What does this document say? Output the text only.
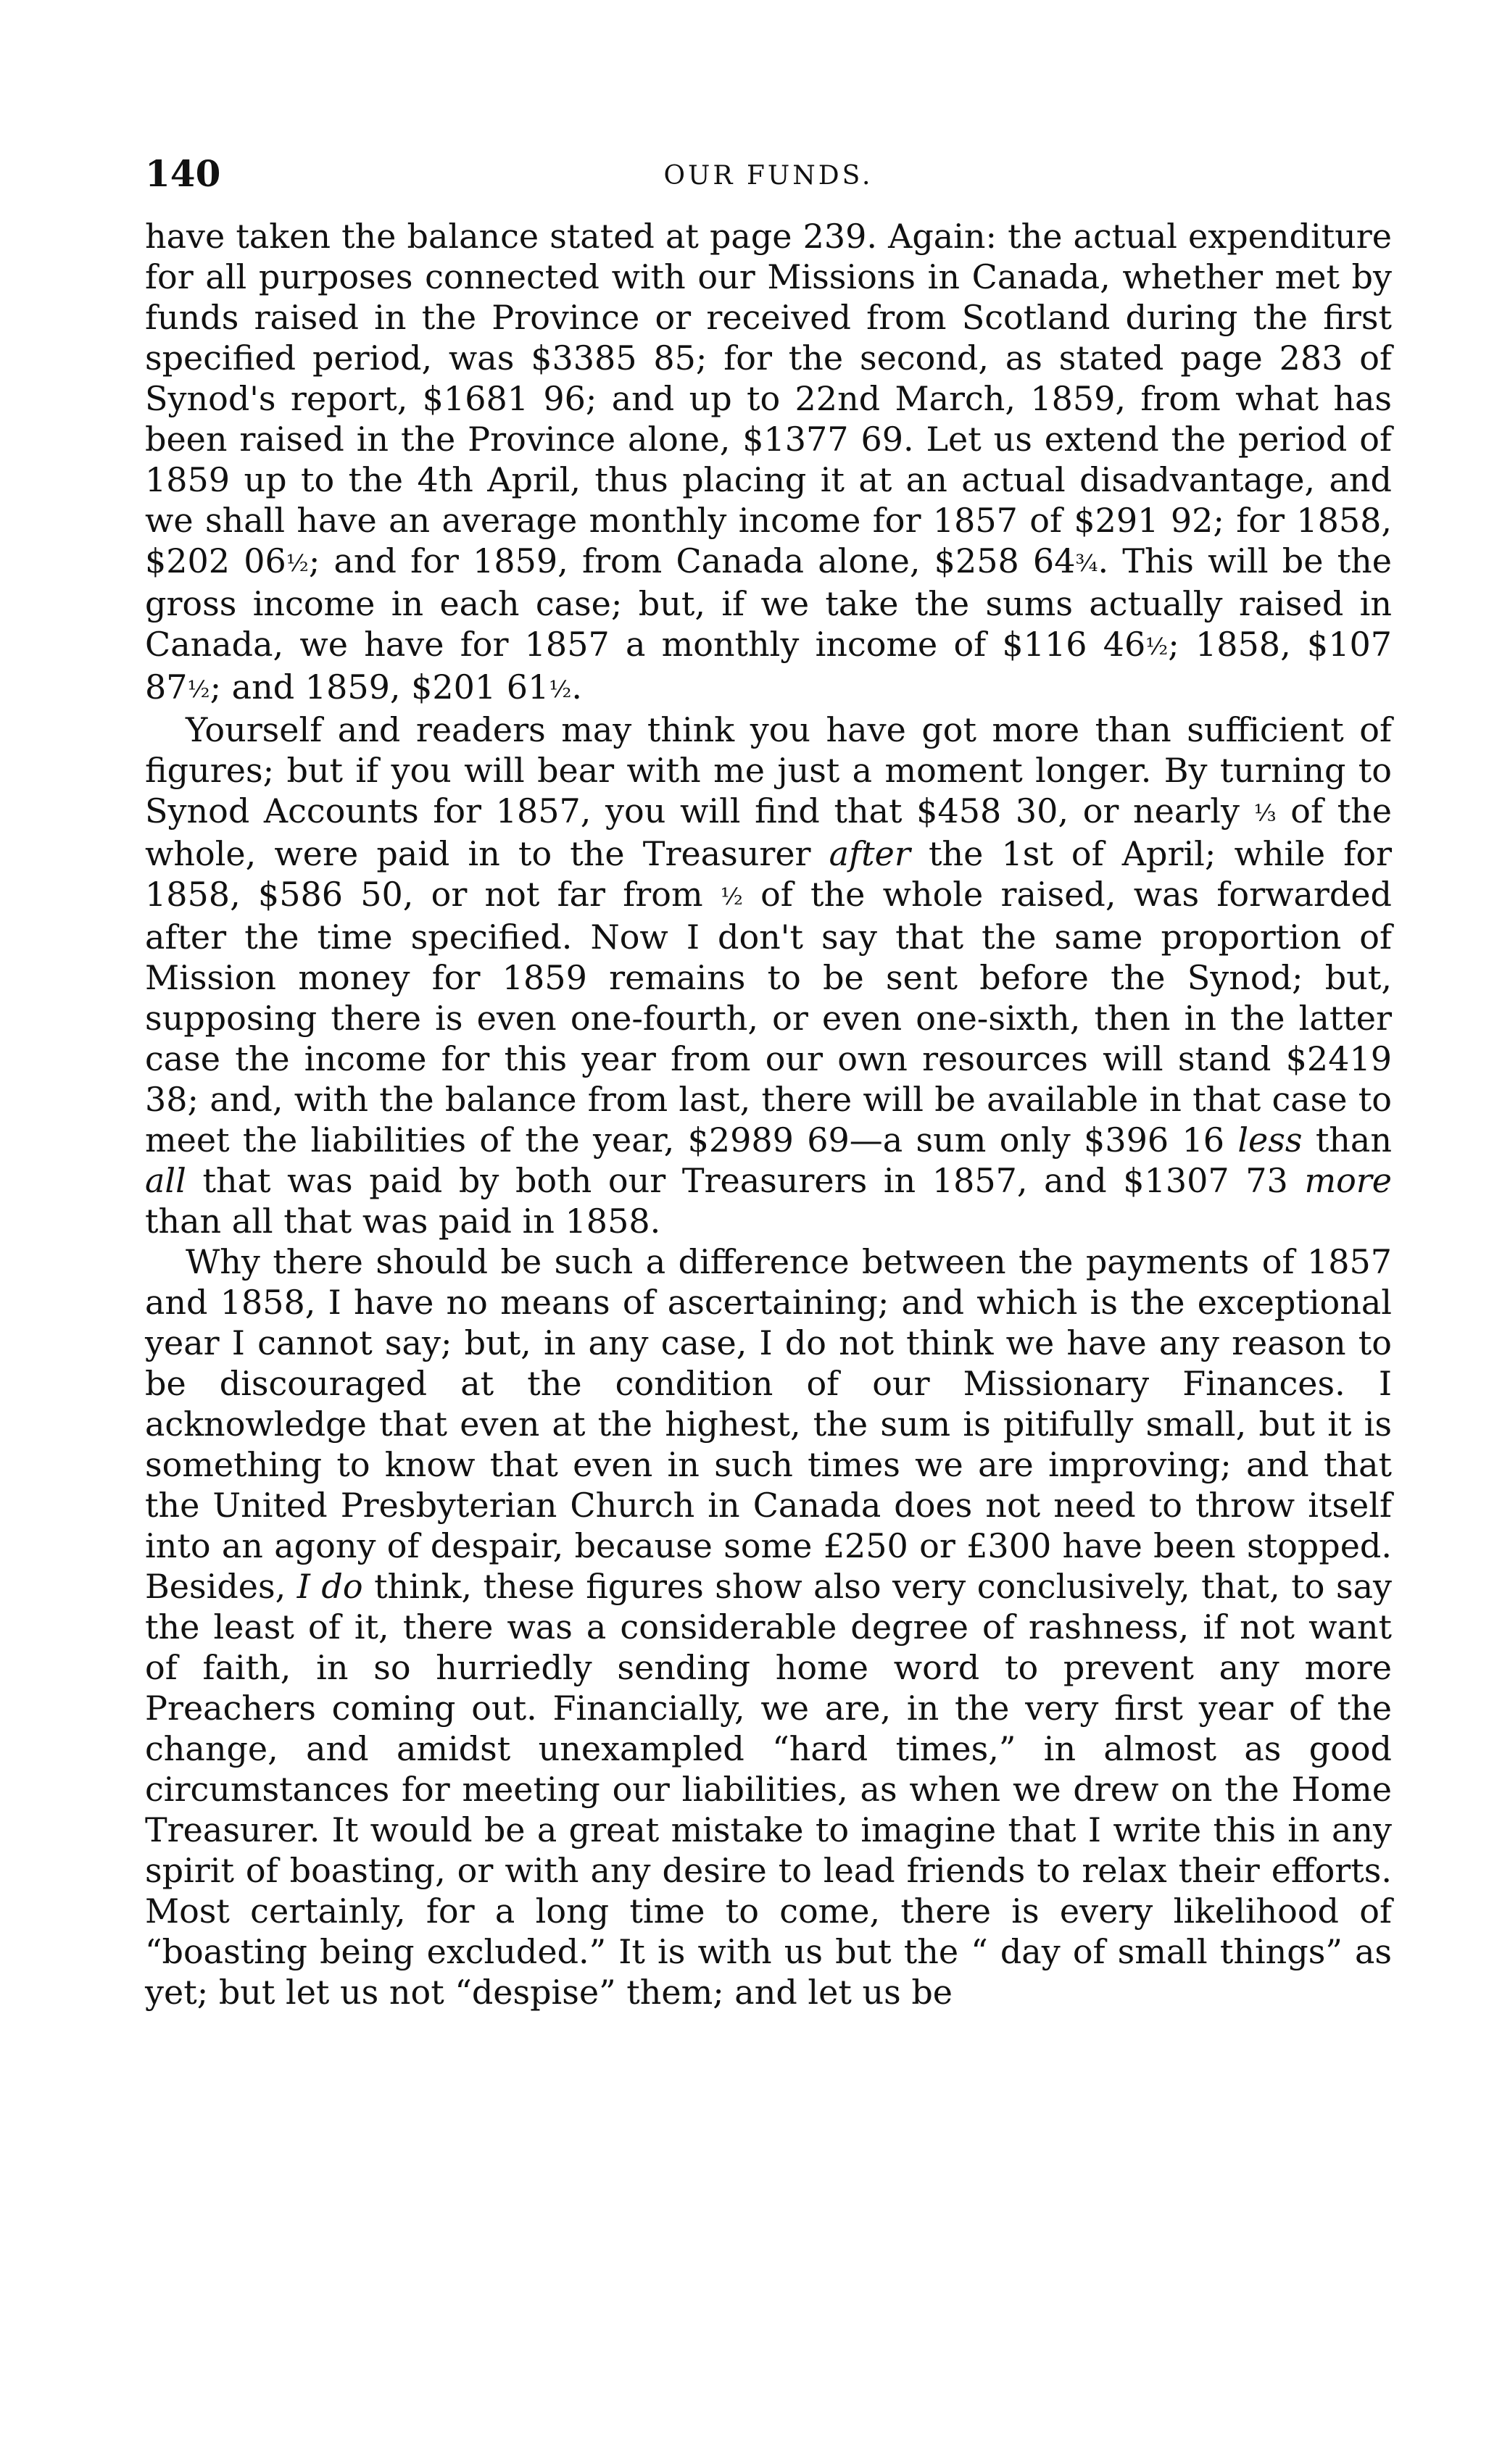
140	OUR FUNDS.

have taken the balance stated at page 239. Again: the actual expenditure for all purposes connected with our Missions in Canada, whether met by funds raised in the Province or received from Scotland during the first specified period, was $3385 85; for the second, as stated page 283 of Synod's report, $1681 96; and up to 22nd March, 1859, from what has been raised in the Province alone, $1377 69. Let us extend the period of 1859 up to the 4th April, thus placing it at an actual disadvantage, and we shall have an average monthly income for 1857 of $291 92; for 1858, $202 06½; and for 1859, from Canada alone, $258 64¾. This will be the gross income in each case; but, if we take the sums actually raised in Canada, we have for 1857 a monthly income of $116 46½; 1858, $107 87½; and 1859, $201 61½.

Yourself and readers may think you have got more than sufficient of figures; but if you will bear with me just a moment longer. By turning to Synod Accounts for 1857, you will find that $458 30, or nearly ⅓ of the whole, were paid in to the Treasurer after the 1st of April; while for 1858, $586 50, or not far from ½ of the whole raised, was forwarded after the time specified. Now I don't say that the same proportion of Mission money for 1859 remains to be sent before the Synod; but, supposing there is even one-fourth, or even one-sixth, then in the latter case the income for this year from our own resources will stand $2419 38; and, with the balance from last, there will be available in that case to meet the liabilities of the year, $2989 69—a sum only $396 16 less than all that was paid by both our Treasurers in 1857, and $1307 73 more than all that was paid in 1858.

Why there should be such a difference between the payments of 1857 and 1858, I have no means of ascertaining; and which is the exceptional year I cannot say; but, in any case, I do not think we have any reason to be discouraged at the condition of our Missionary Finances. I acknowledge that even at the highest, the sum is pitifully small, but it is something to know that even in such times we are improving; and that the United Presbyterian Church in Canada does not need to throw itself into an agony of despair, because some £250 or £300 have been stopped. Besides, I do think, these figures show also very conclusively, that, to say the least of it, there was a considerable degree of rashness, if not want of faith, in so hurriedly sending home word to prevent any more Preachers coming out. Financially, we are, in the very first year of the change, and amidst unexampled “hard times,” in almost as good circumstances for meeting our liabilities, as when we drew on the Home Treasurer. It would be a great mistake to imagine that I write this in any spirit of boasting, or with any desire to lead friends to relax their efforts. Most certainly, for a long time to come, there is every likelihood of “boasting being excluded.” It is with us but the “ day of small things” as yet; but let us not “despise” them; and let us be
